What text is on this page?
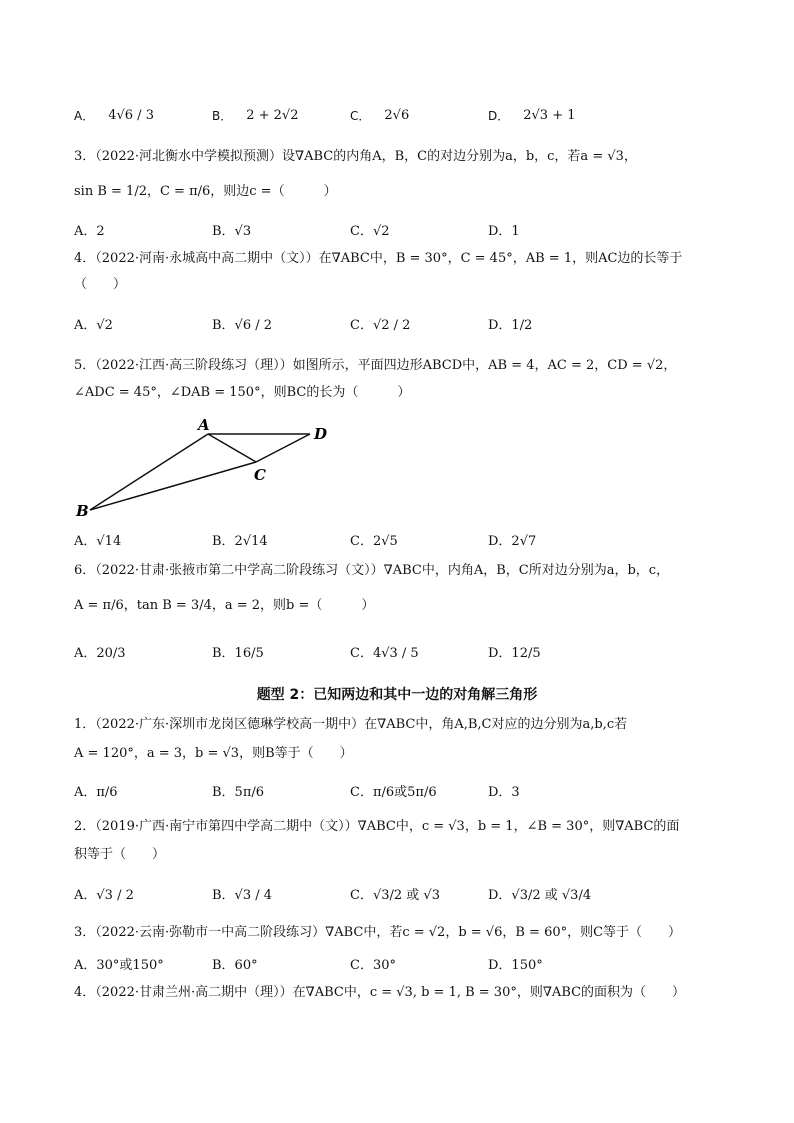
A． 4√6 / 3	B． 2 + 2√2	C． 2√6	D． 2√3 + 1
3．（2022·河北衡水中学模拟预测）设∇ABC的内角A，B，C的对边分别为a，b，c，若a = √3，
sin B = 1/2，C = π/6，则边c =（　　　）
A．2	B．√3	C．√2	D．1
4．（2022·河南·永城高中高二期中（文））在∇ABC中，B = 30°，C = 45°，AB = 1，则AC边的长等于
（　　）
A．√2	B．√6 / 2	C．√2 / 2	D．1/2
5．（2022·江西·高三阶段练习（理））如图所示，平面四边形ABCD中，AB = 4，AC = 2，CD = √2，
∠ADC = 45°，∠DAB = 150°，则BC的长为（　　　）
A	D
C
B
A．√14	B．2√14	C．2√5	D．2√7
6．（2022·甘肃·张掖市第二中学高二阶段练习（文））∇ABC中，内角A，B，C所对边分别为a，b，c，
A = π/6，tan B = 3/4，a = 2，则b =（　　　）
A．20/3	B．16/5	C．4√3 / 5	D．12/5
题型 2：已知两边和其中一边的对角解三角形
1．（2022·广东·深圳市龙岗区德琳学校高一期中）在∇ABC中，角A,B,C对应的边分别为a,b,c若
A = 120°，a = 3，b = √3，则B等于（　　）
A．π/6	B．5π/6	C．π/6或5π/6	D．3
2．（2019·广西·南宁市第四中学高二期中（文））∇ABC中，c = √3，b = 1，∠B = 30°，则∇ABC的面
积等于（　　）
A．√3 / 2	B．√3 / 4	C．√3/2 或 √3	D．√3/2 或 √3/4
3．（2022·云南·弥勒市一中高二阶段练习）∇ABC中，若c = √2，b = √6，B = 60°，则C等于（　　）
A．30°或150°	B．60°	C．30°	D．150°
4．（2022·甘肃兰州·高二期中（理））在∇ABC中，c = √3, b = 1, B = 30°，则∇ABC的面积为（　　）
